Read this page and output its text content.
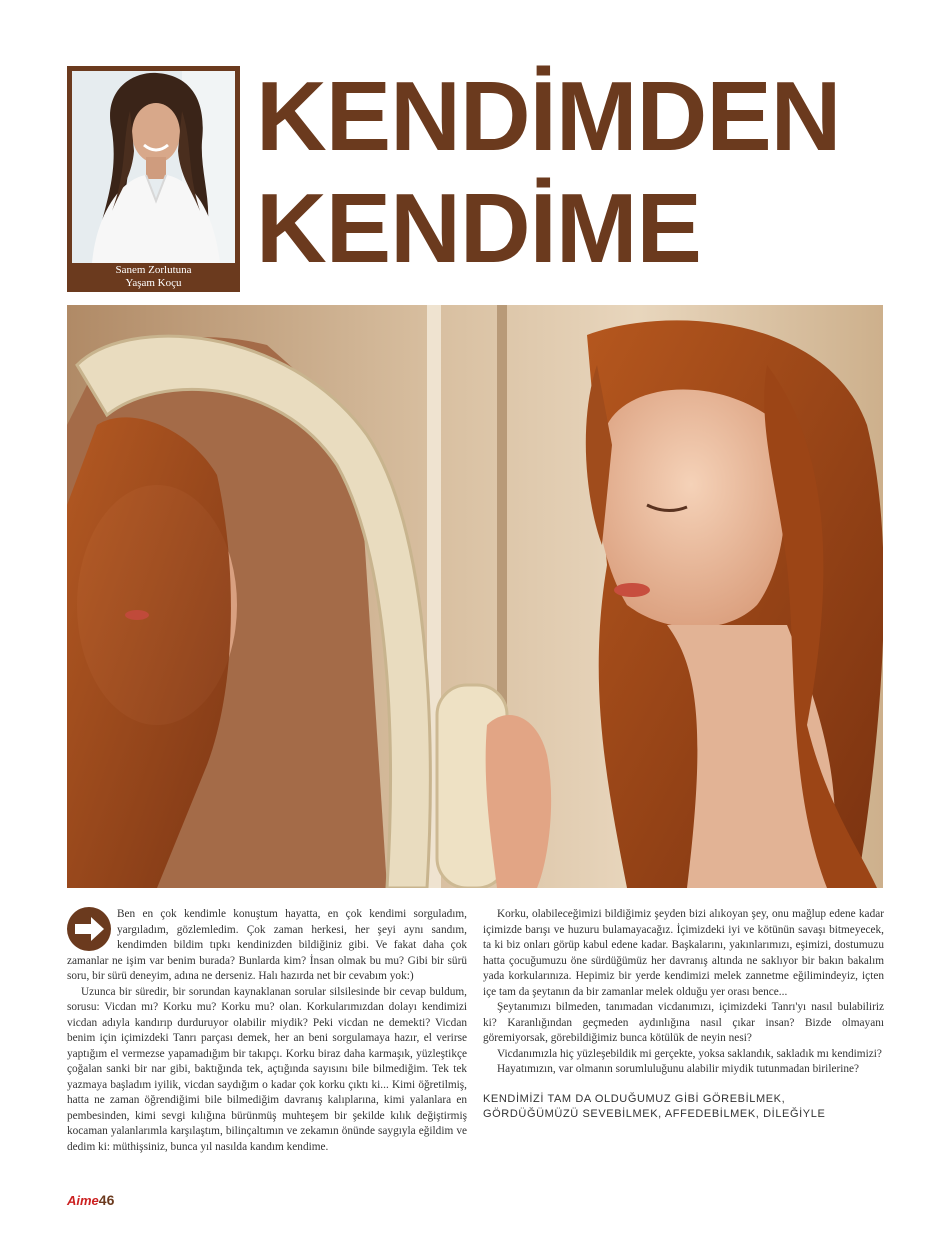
Sanem Zorlutuna
Yaşam Koçu
KENDİMDEN
KENDİME

Ben en çok kendimle konuştum hayatta, en çok kendimi sorguladım, yargıladım, gözlemledim. Çok zaman herkesi, her şeyi aynı sandım, kendimden bildim tıpkı kendinizden bildiğiniz gibi. Ve fakat daha çok zamanlar ne işim var benim burada? Bunlarda kim? İnsan olmak bu mu? Gibi bir sürü soru, bir sürü deneyim, adına ne derseniz. Halı hazırda net bir cevabım yok:)

Uzunca bir süredir, bir sorundan kaynaklanan sorular silsilesinde bir cevap buldum, sorusu: Vicdan mı? Korku mu? Korku mu? olan. Korkularımızdan dolayı kendimizi vicdan adıyla kandırıp durduruyor olabilir miydik? Peki vicdan ne demekti? Vicdan benim için içimizdeki Tanrı parçası demek, her an beni sorgulamaya hazır, el verirse yaptığım el vermezse yapamadığım bir takıpçı. Korku biraz daha karmaşık, yüzleştikçe çoğalan sanki bir nar gibi, baktığında tek, açtığında sayısını bile bilmediğim. Tek tek yazmaya başladım iyilik, vicdan saydığım o kadar çok korku çıktı ki... Kimi öğretilmiş, hatta ne zaman öğrendiğimi bile bilmediğim davranış kalıplarına, kimi yalanlara en pembesinden, kimi sevgi kılığına bürünmüş muhteşem bir şekilde kılık değiştirmiş kocaman yalanlarımla karşılaştım, bilinçaltımın ve zekamın önünde saygıyla eğildim ve dedim ki: müthişsiniz, bunca yıl nasılda kandım kendime.

Korku, olabileceğimizi bildiğimiz şeyden bizi alıkoyan şey, onu mağlup edene kadar içimizde barışı ve huzuru bulamayacağız. İçimizdeki iyi ve kötünün savaşı bitmeyecek, ta ki biz onları görüp kabul edene kadar. Başkalarını, yakınlarımızı, eşimizi, dostumuzu hatta çocuğumuzu öne sürdüğümüz her davranış altında ne saklıyor bir bakın bakalım yada korkularınıza. Hepimiz bir yerde kendimizi melek zannetme eğilimindeyiz, içten içe tam da şeytanın da bir zamanlar melek olduğu yer orası bence...

Şeytanımızı bilmeden, tanımadan vicdanımızı, içimizdeki Tanrı'yı nasıl bulabiliriz ki? Karanlığından geçmeden aydınlığına nasıl çıkar insan? Bizde olmayanı göremiyorsak, görebildiğimiz bunca kötülük de neyin nesi?

Vicdanımızla hiç yüzleşebildik mi gerçekte, yoksa saklandık, sakladık mı kendimizi?

Hayatımızın, var olmanın sorumluluğunu alabilir miydik tutunmadan birilerine?

KENDİMİZİ TAM DA OLDUĞUMUZ GİBİ GÖREBİLMEK, GÖRDÜĞÜMÜZÜ SEVEBİLMEK, AFFEDEBİLMEK, DİLEĞİYLE

Aime46
